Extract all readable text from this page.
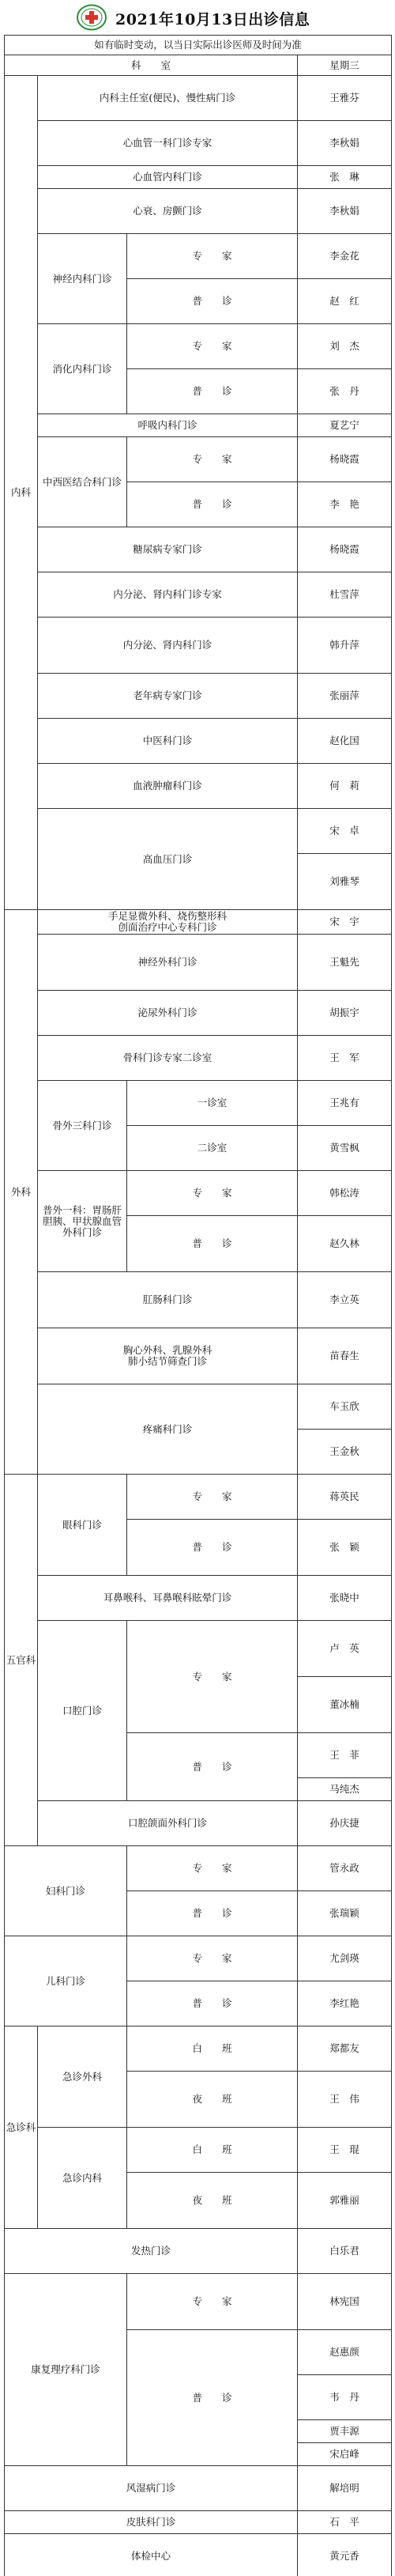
2021年10月13日出诊信息
如有临时变动，以当日实际出诊医师及时间为准				
科　　室			星期三	
内科	内科主任室(便民)、慢性病门诊		王雅芬	
	心血管一科门诊专家		李秋娟	
	心血管内科门诊		张　琳	
	心衰、房颤门诊		李秋娟	
	神经内科门诊	专　　家	李金花	
		普　　诊	赵　红	
	消化内科门诊	专　　家	刘　杰	
		普　　诊	张　丹	
	呼吸内科门诊		夏艺宁	
	中西医结合科门诊	专　　家	杨晓霞	
		普　　诊	李　艳	
	糖尿病专家门诊		杨晓霞	
	内分泌、肾内科门诊专家		杜雪萍	
	内分泌、肾内科门诊		韩升萍	
	老年病专家门诊		张丽萍	
	中医科门诊		赵化国	
	血液肿瘤科门诊		何　莉	
	高血压门诊		宋　卓	
			刘雅琴	
外科	手足显微外科、烧伤整形科
创面治疗中心专科门诊		宋　宇	
	神经外科门诊		王魁先	
	泌尿外科门诊		胡振宇	
	骨科门诊专家二诊室		王　军	
	骨外三科门诊	一诊室	王兆有	
		二诊室	黄雪枫	
	普外一科：胃肠肝
胆胰、甲状腺血管
外科门诊	专　　家	韩松涛	
		普　　诊	赵久林	
	肛肠科门诊		李立英	
	胸心外科、乳腺外科
肺小结节筛查门诊		苗春生	
	疼痛科门诊		车玉欣	
			王金秋	
五官科	眼科门诊	专　　家	蒋英民	
		普　　诊	张　颖	
	耳鼻喉科、耳鼻喉科眩晕门诊		张晓中	
	口腔门诊	专　　家	卢　英	
			董冰楠	
		普　　诊	王　菲	
			马纯杰	
	口腔颌面外科门诊		孙庆捷	
妇科门诊		专　　家	管永政	
		普　　诊	张瑞颖	
儿科门诊		专　　家	尤剑瑛	
		普　　诊	李红艳	
急诊科	急诊外科	白　　班	郑都友	
		夜　　班	王　伟	
	急诊内科	白　　班	王　琨	
		夜　　班	郭雅丽	
发热门诊			白乐君	
康复理疗科门诊		专　　家	林宪国	
		普　　诊	赵惠颜	
			韦　丹	
			贾丰源	
			宋启峰	
风湿病门诊			解培明	
皮肤科门诊			石　平	
体检中心			黄元香	
